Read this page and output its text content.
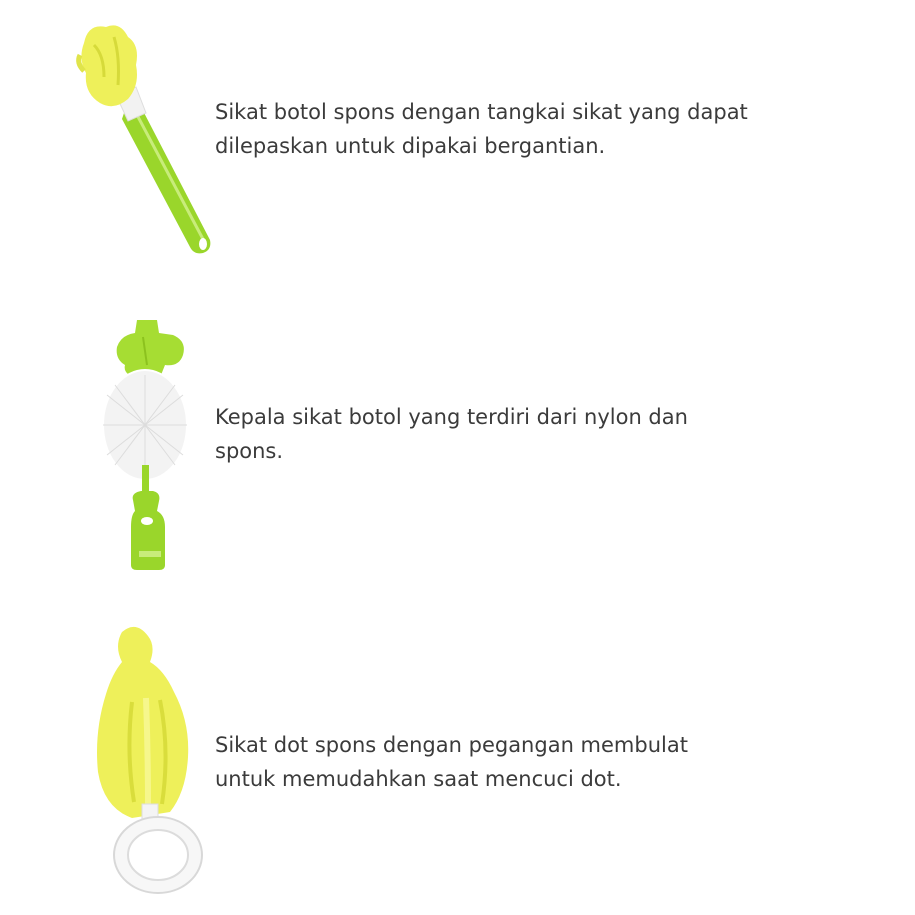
Sikat botol spons dengan tangkai sikat yang dapat
dilepaskan untuk dipakai bergantian.

Kepala sikat botol yang terdiri dari nylon dan
spons.

Sikat dot spons dengan pegangan membulat
untuk memudahkan saat mencuci dot.
